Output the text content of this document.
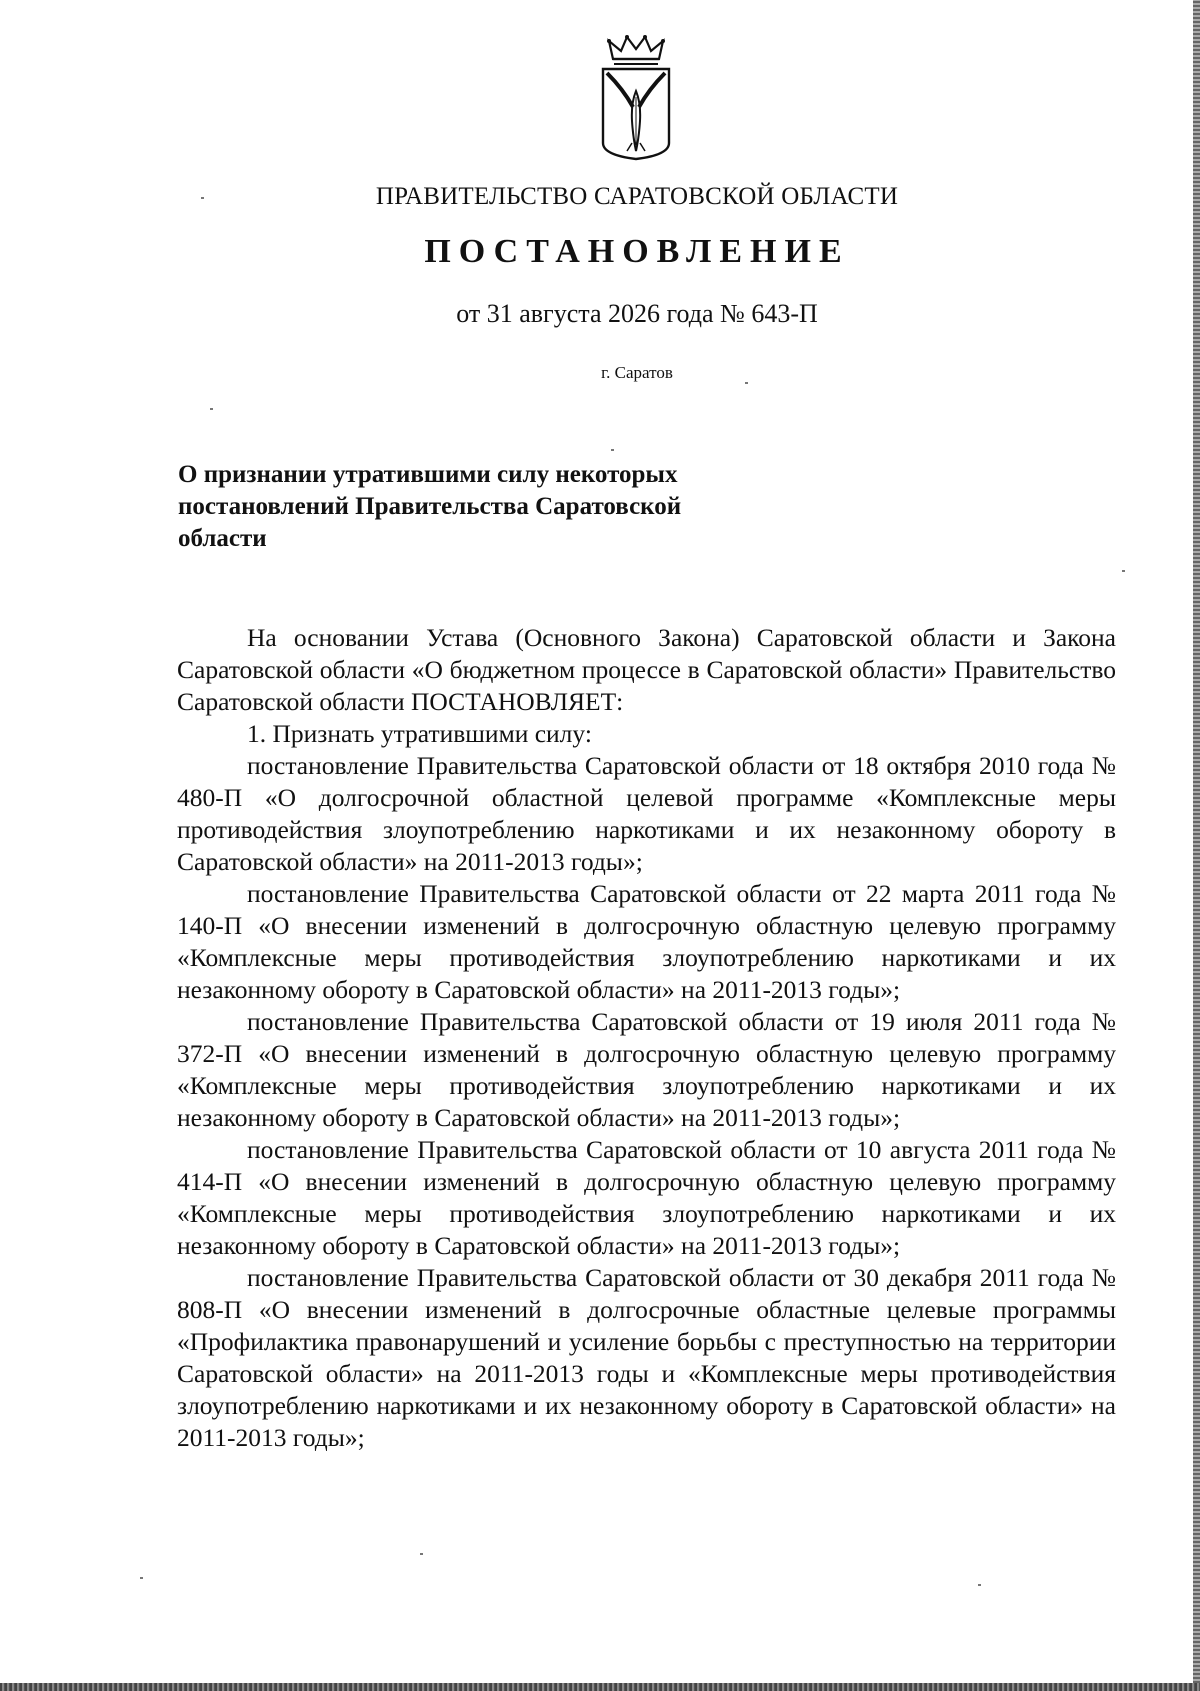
ПРАВИТЕЛЬСТВО САРАТОВСКОЙ ОБЛАСТИ
ПОСТАНОВЛЕНИЕ
от 31 августа 2026 года № 643-П
г. Саратов
О признании утратившими силу некоторых
постановлений Правительства Саратовской
области

На основании Устава (Основного Закона) Саратовской области и Закона Саратовской области «О бюджетном процессе в Саратовской области» Правительство Саратовской области ПОСТАНОВЛЯЕТ:

1. Признать утратившими силу:

постановление Правительства Саратовской области от 18 октября 2010 года № 480-П «О долгосрочной областной целевой программе «Комплексные меры противодействия злоупотреблению наркотиками и их незаконному обороту в Саратовской области» на 2011-2013 годы»;

постановление Правительства Саратовской области от 22 марта 2011 года № 140-П «О внесении изменений в долгосрочную областную целевую программу «Комплексные меры противодействия злоупотреблению наркотиками и их незаконному обороту в Саратовской области» на 2011-2013 годы»;

постановление Правительства Саратовской области от 19 июля 2011 года № 372-П «О внесении изменений в долгосрочную областную целевую программу «Комплексные меры противодействия злоупотреблению наркотиками и их незаконному обороту в Саратовской области» на 2011-2013 годы»;

постановление Правительства Саратовской области от 10 августа 2011 года № 414-П «О внесении изменений в долгосрочную областную целевую программу «Комплексные меры противодействия злоупотреблению наркотиками и их незаконному обороту в Саратовской области» на 2011-2013 годы»;

постановление Правительства Саратовской области от 30 декабря 2011 года № 808-П «О внесении изменений в долгосрочные областные целевые программы «Профилактика правонарушений и усиление борьбы с преступностью на территории Саратовской области» на 2011-2013 годы и «Комплексные меры противодействия злоупотреблению наркотиками и их незаконному обороту в Саратовской области» на 2011-2013 годы»;
